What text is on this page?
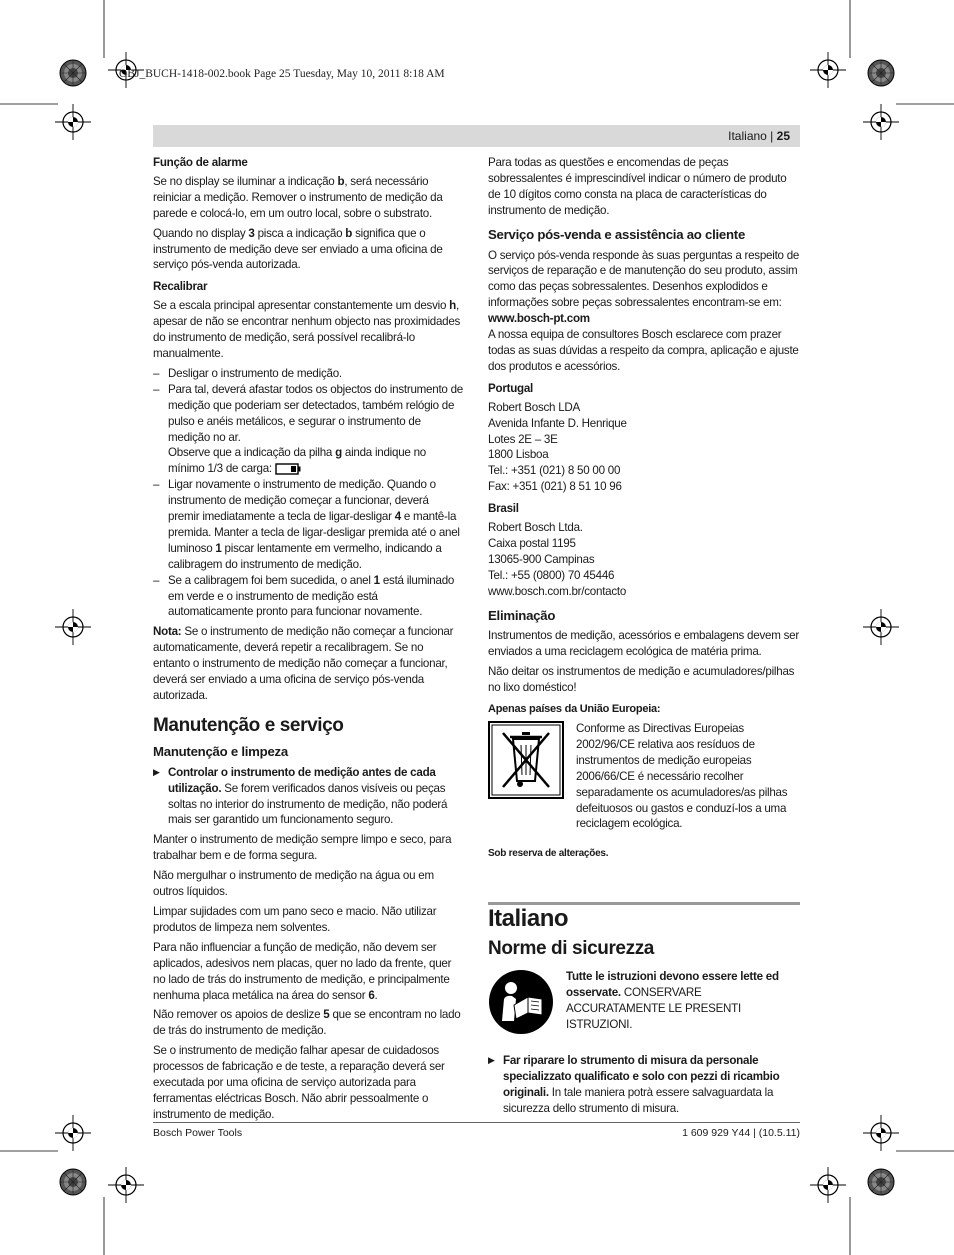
OBJ_BUCH-1418-002.book Page 25 Tuesday, May 10, 2011 8:18 AM
Italiano | 25
Função de alarme

Se no display se iluminar a indicação b, será necessário reiniciar a medição. Remover o instrumento de medição da parede e colocá-lo, em um outro local, sobre o substrato.

Quando no display 3 pisca a indicação b significa que o instrumento de medição deve ser enviado a uma oficina de serviço pós-venda autorizada.

Recalibrar

Se a escala principal apresentar constantemente um desvio h, apesar de não se encontrar nenhum objecto nas proximidades do instrumento de medição, será possível recalibrá-lo manualmente.

– Desligar o instrumento de medição.
– Para tal, deverá afastar todos os objectos do instrumento de medição que poderiam ser detectados, também relógio de pulso e anéis metálicos, e segurar o instrumento de medição no ar.
Observe que a indicação da pilha g ainda indique no mínimo 1/3 de carga:
– Ligar novamente o instrumento de medição. Quando o instrumento de medição começar a funcionar, deverá premir imediatamente a tecla de ligar-desligar 4 e mantê-la premida. Manter a tecla de ligar-desligar premida até o anel luminoso 1 piscar lentamente em vermelho, indicando a calibragem do instrumento de medição.
– Se a calibragem foi bem sucedida, o anel 1 está iluminado em verde e o instrumento de medição está automaticamente pronto para funcionar novamente.

Nota: Se o instrumento de medição não começar a funcionar automaticamente, deverá repetir a recalibragem. Se no entanto o instrumento de medição não começar a funcionar, deverá ser enviado a uma oficina de serviço pós-venda autorizada.

Manutenção e serviço
Manutenção e limpeza
▶ Controlar o instrumento de medição antes de cada utilização. Se forem verificados danos visíveis ou peças soltas no interior do instrumento de medição, não poderá mais ser garantido um funcionamento seguro.

Manter o instrumento de medição sempre limpo e seco, para trabalhar bem e de forma segura.

Não mergulhar o instrumento de medição na água ou em outros líquidos.

Limpar sujidades com um pano seco e macio. Não utilizar produtos de limpeza nem solventes.

Para não influenciar a função de medição, não devem ser aplicados, adesivos nem placas, quer no lado da frente, quer no lado de trás do instrumento de medição, e principalmente nenhuma placa metálica na área do sensor 6.

Não remover os apoios de deslize 5 que se encontram no lado de trás do instrumento de medição.

Se o instrumento de medição falhar apesar de cuidadosos processos de fabricação e de teste, a reparação deverá ser executada por uma oficina de serviço autorizada para ferramentas eléctricas Bosch. Não abrir pessoalmente o instrumento de medição.

Para todas as questões e encomendas de peças sobressalentes é imprescindível indicar o número de produto de 10 dígitos como consta na placa de características do instrumento de medição.

Serviço pós-venda e assistência ao cliente

O serviço pós-venda responde às suas perguntas a respeito de serviços de reparação e de manutenção do seu produto, assim como das peças sobressalentes. Desenhos explodidos e informações sobre peças sobressalentes encontram-se em:

www.bosch-pt.com

A nossa equipa de consultores Bosch esclarece com prazer todas as suas dúvidas a respeito da compra, aplicação e ajuste dos produtos e acessórios.

Portugal
Robert Bosch LDA
Avenida Infante D. Henrique
Lotes 2E – 3E
1800 Lisboa
Tel.: +351 (021) 8 50 00 00
Fax: +351 (021) 8 51 10 96
Brasil
Robert Bosch Ltda.
Caixa postal 1195
13065-900 Campinas
Tel.: +55 (0800) 70 45446
www.bosch.com.br/contacto
Eliminação

Instrumentos de medição, acessórios e embalagens devem ser enviados a uma reciclagem ecológica de matéria prima.

Não deitar os instrumentos de medição e acumuladores/pilhas no lixo doméstico!

Apenas países da União Europeia:
Conforme as Directivas Europeias 2002/96/CE relativa aos resíduos de instrumentos de medição europeias 2006/66/CE é necessário recolher separadamente os acumuladores/as pilhas defeituosos ou gastos e conduzí-los a uma reciclagem ecológica.
Sob reserva de alterações.
Italiano
Norme di sicurezza
Tutte le istruzioni devono essere lette ed osservate. CONSERVARE ACCURATAMENTE LE PRESENTI ISTRUZIONI.
▶ Far riparare lo strumento di misura da personale specializzato qualificato e solo con pezzi di ricambio originali. In tale maniera potrà essere salvaguardata la sicurezza dello strumento di misura.
Bosch Power Tools	1 609 929 Y44 | (10.5.11)
